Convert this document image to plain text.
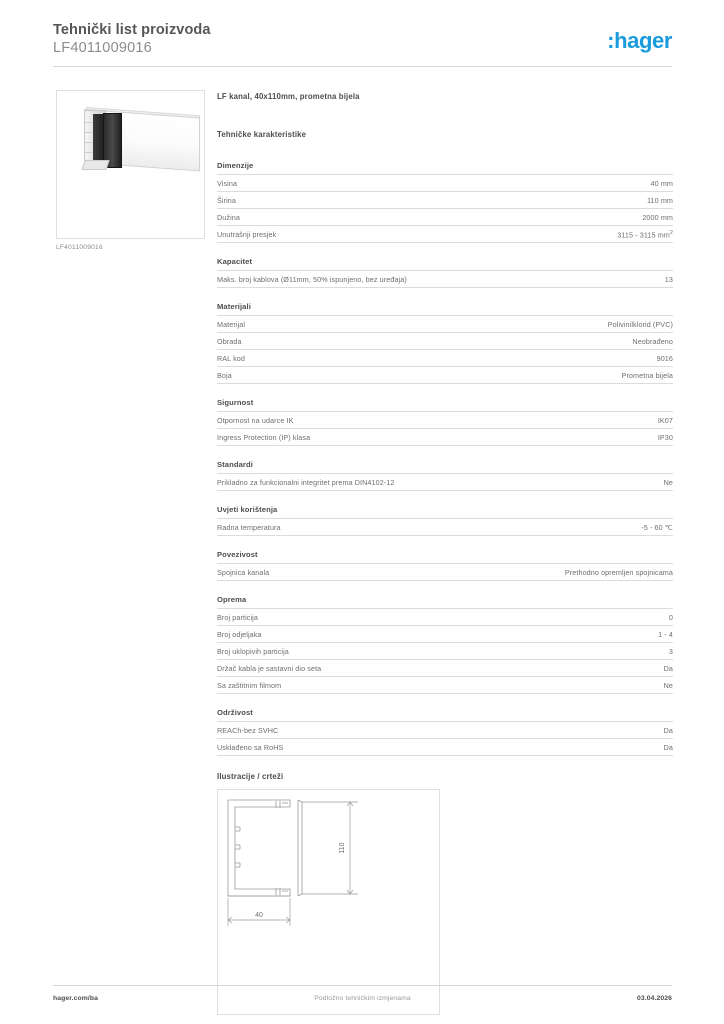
Tehnički list proizvoda
LF4011009016	:hager
LF4011009016
LF kanal, 40x110mm, prometna bijela
Tehničke karakteristike
Dimenzije
Visina	40 mm
Širina	110 mm
Dužina	2000 mm
Unutrašnji presjek	3115 - 3115 $mm^2$
Kapacitet
Maks. broj kablova (Ø11mm, 50% ispunjeno, bez uređaja)	13
Materijali
Materijal	Polivinilklorid (PVC)
Obrada	Neobrađeno
RAL kod	9016
Boja	Prometna bijela
Sigurnost
Otpornost na udarce IK	IK07
Ingress Protection (IP) klasa	IP30
Standardi
Prikladno za funkcionalni integritet prema DIN4102-12	Ne
Uvjeti korištenja
Radna temperatura	-5 - 60 ℃
Povezivost
Spojnica kanala	Prethodno opremljen spojnicama
Oprema
Broj particija	0
Broj odjeljaka	1 - 4
Broj uklopivih particija	3
Držač kabla je sastavni dio seta	Da
Sa zaštitnim filmom	Ne
Održivost
REACh-bez SVHC	Da
Usklađeno sa RoHS	Da
Ilustracije / crteži
110
40
hager.com/ba	Podložno tehničkim izmjenama	03.04.2026
